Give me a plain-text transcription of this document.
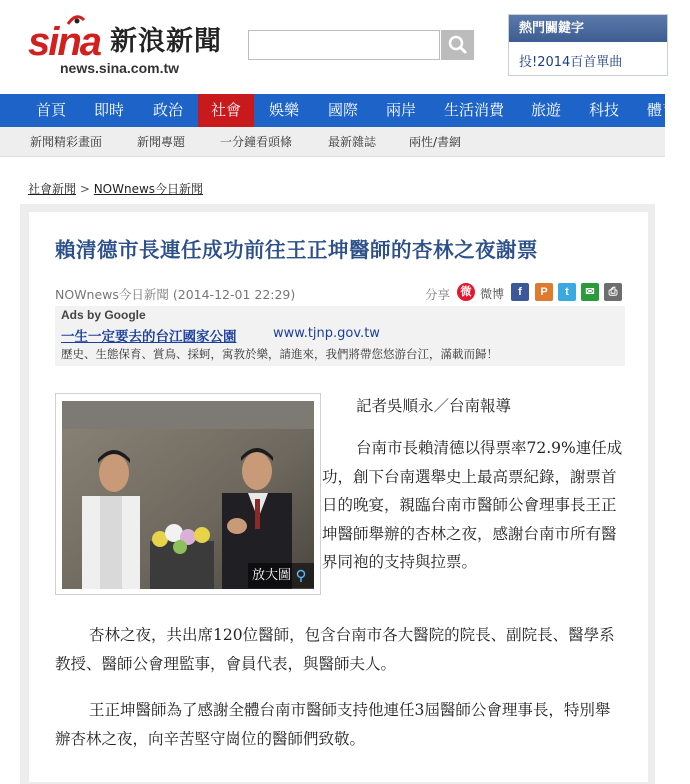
sina 新浪新聞
news.sina.com.tw
熱門關鍵字
投!2014百首單曲
首頁	即時	政治	社會	娛樂	國際	兩岸	生活消費	旅遊	科技	體育
新聞精彩畫面	新聞專題	一分鐘看頭條	最新雜誌	兩性/書網
社會新聞 > NOWnews今日新聞
賴清德市長連任成功前往王正坤醫師的杏林之夜謝票
NOWnews今日新聞 (2014-12-01 22:29)	分享 微 微博	f	P	t	✉	⎙
Ads by Google
一生一定要去的台江國家公園	www.tjnp.gov.tw
歷史、生態保育、賞鳥、採蚵，寓教於樂，請進來，我們將帶您悠游台江，滿載而歸！
放大圖
記者吳順永／台南報導
台南市長賴清德以得票率72.9%連任成功，創下台南選舉史上最高票紀錄，謝票首日的晚宴，親臨台南市醫師公會理事長王正坤醫師舉辦的杏林之夜，感謝台南市所有醫界同袍的支持與拉票。
杏林之夜，共出席120位醫師，包含台南市各大醫院的院長、副院長、醫學系教授、醫師公會理監事，會員代表，與醫師夫人。
王正坤醫師為了感謝全體台南市醫師支持他連任3屆醫師公會理事長，特別舉辦杏林之夜，向辛苦堅守崗位的醫師們致敬。
